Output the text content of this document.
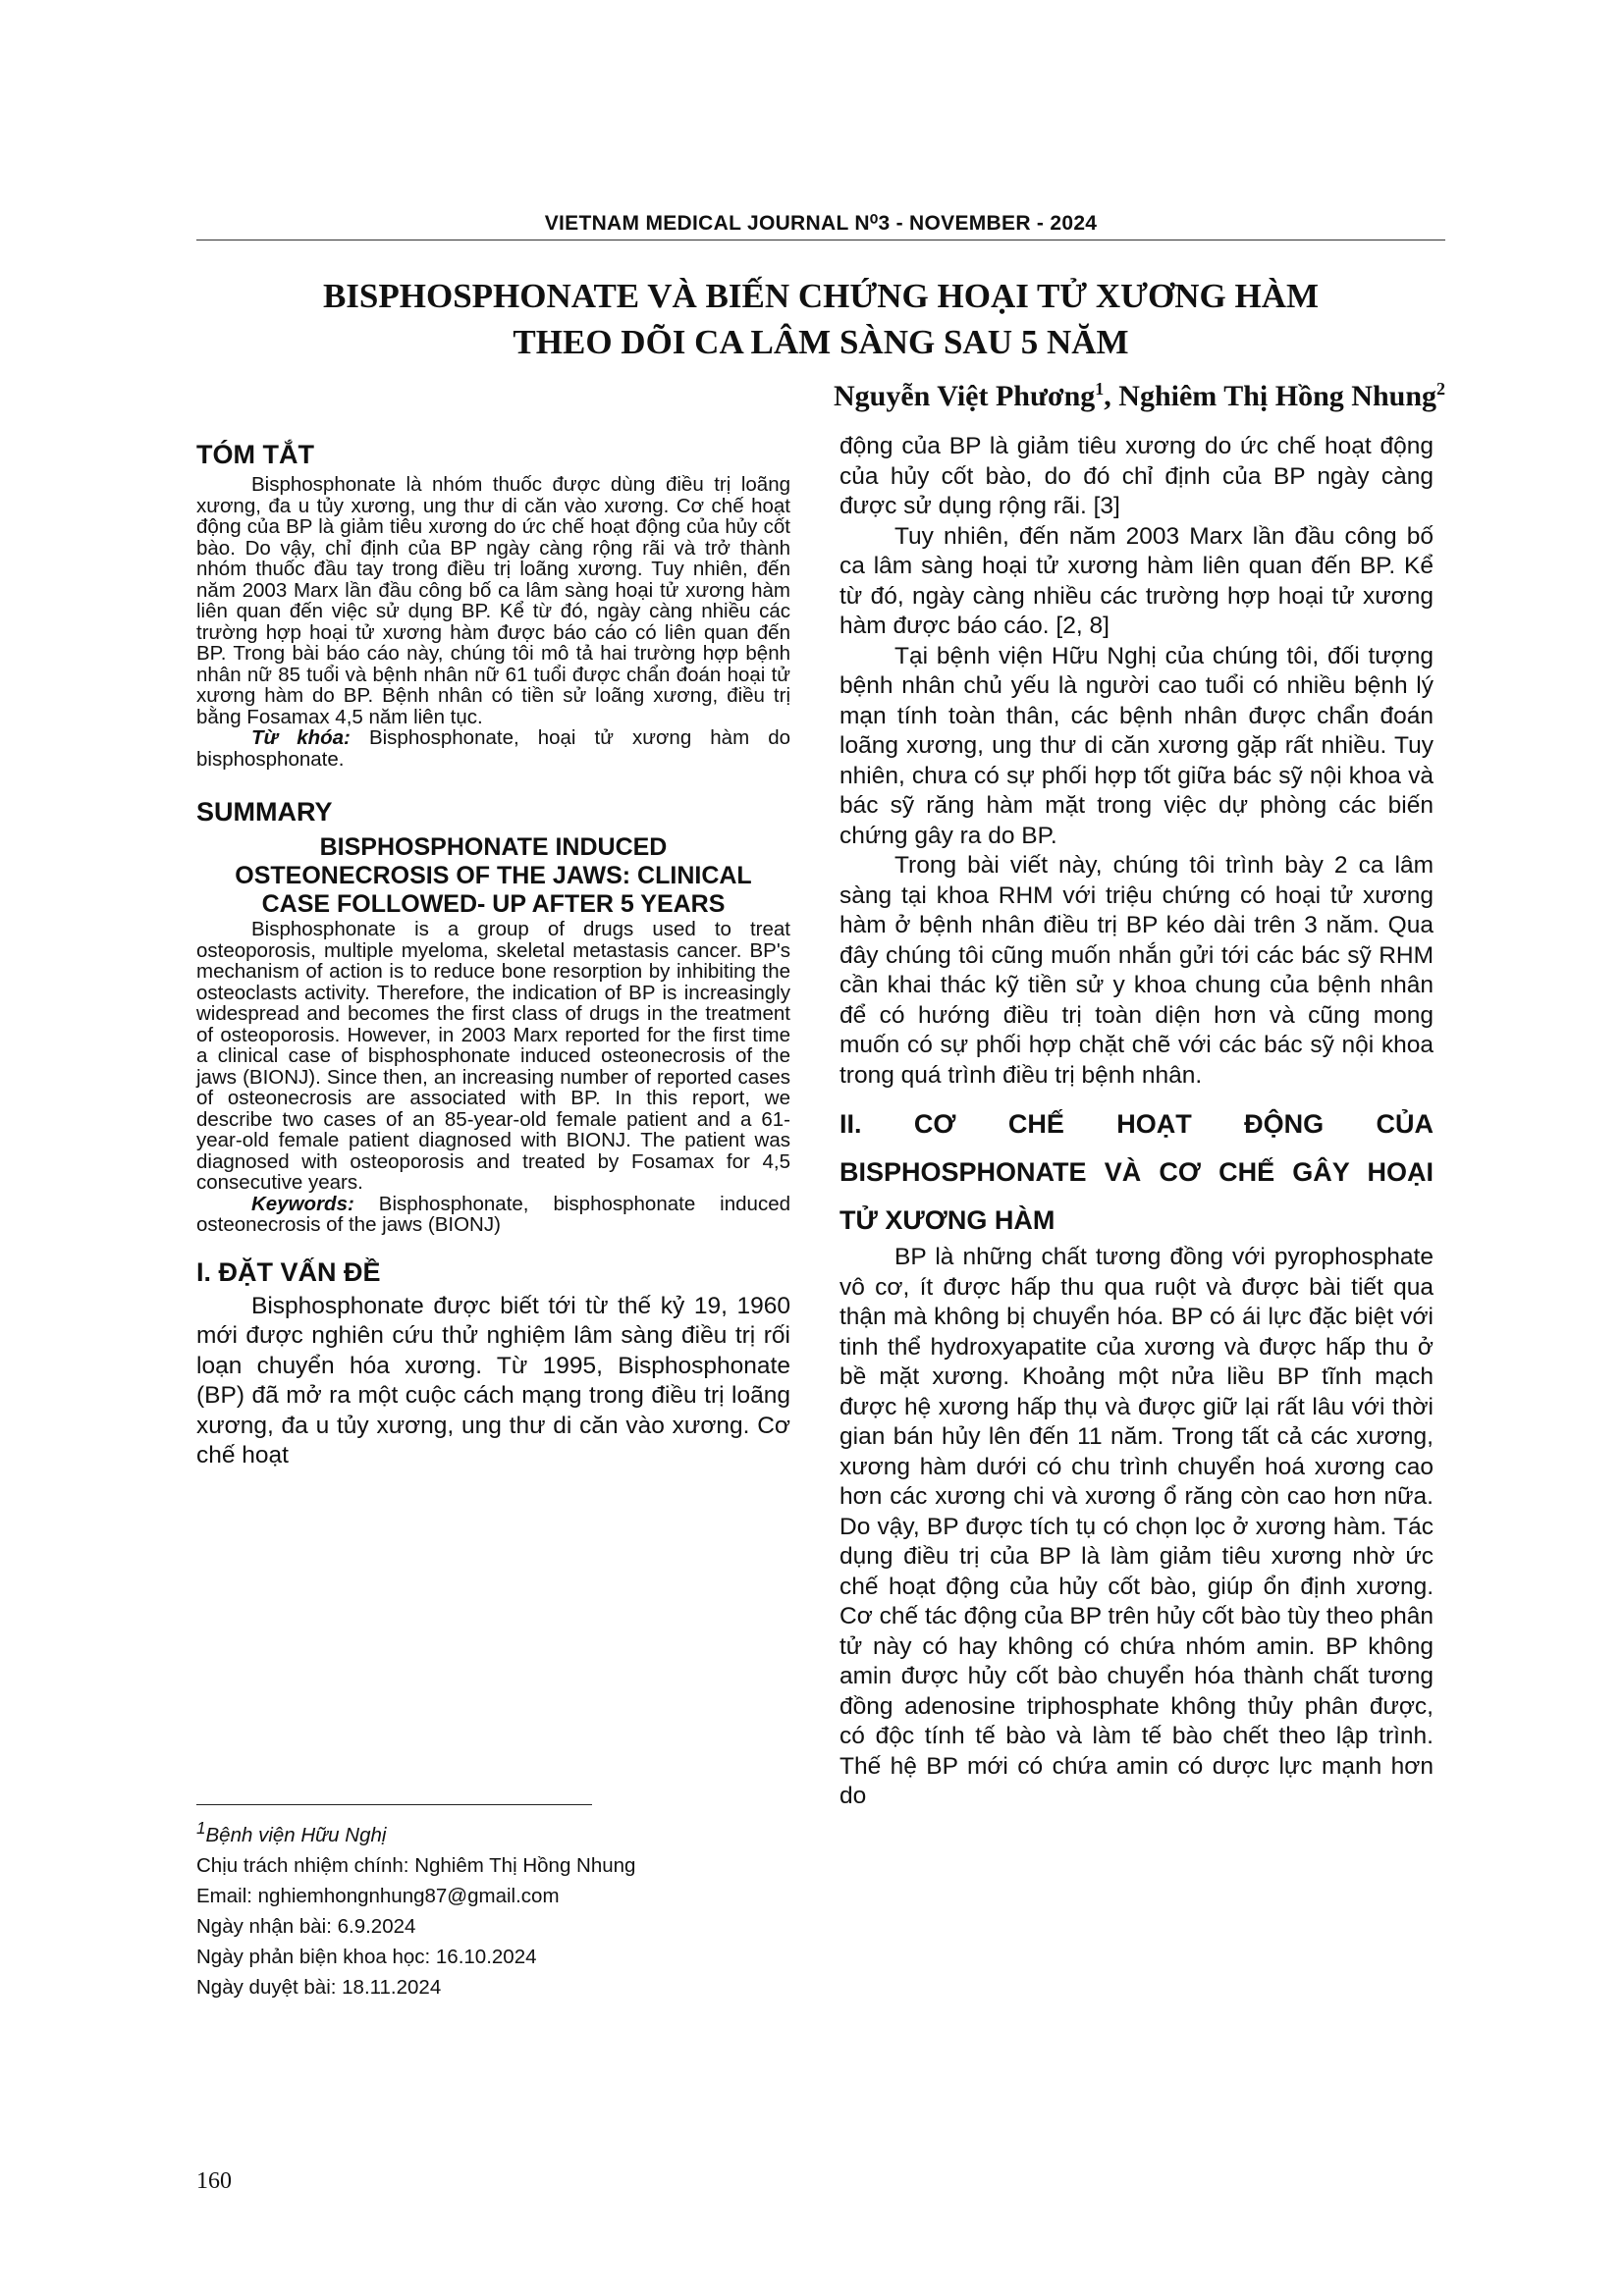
VIETNAM MEDICAL JOURNAL N⁰3 - NOVEMBER - 2024
BISPHOSPHONATE VÀ BIẾN CHỨNG HOẠI TỬ XƯƠNG HÀM
THEO DÕI CA LÂM SÀNG SAU 5 NĂM
Nguyễn Việt Phương$^1$, Nghiêm Thị Hồng Nhung$^2$
TÓM TẮT

Bisphosphonate là nhóm thuốc được dùng điều trị loãng xương, đa u tủy xương, ung thư di căn vào xương. Cơ chế hoạt động của BP là giảm tiêu xương do ức chế hoạt động của hủy cốt bào. Do vậy, chỉ định của BP ngày càng rộng rãi và trở thành nhóm thuốc đầu tay trong điều trị loãng xương. Tuy nhiên, đến năm 2003 Marx lần đầu công bố ca lâm sàng hoại tử xương hàm liên quan đến việc sử dụng BP. Kể từ đó, ngày càng nhiều các trường hợp hoại tử xương hàm được báo cáo có liên quan đến BP. Trong bài báo cáo này, chúng tôi mô tả hai trường hợp bệnh nhân nữ 85 tuổi và bệnh nhân nữ 61 tuổi được chẩn đoán hoại tử xương hàm do BP. Bệnh nhân có tiền sử loãng xương, điều trị bằng Fosamax 4,5 năm liên tục.

Từ khóa: Bisphosphonate, hoại tử xương hàm do bisphosphonate.

SUMMARY
BISPHOSPHONATE INDUCED
OSTEONECROSIS OF THE JAWS: CLINICAL
CASE FOLLOWED- UP AFTER 5 YEARS

Bisphosphonate is a group of drugs used to treat osteoporosis, multiple myeloma, skeletal metastasis cancer. BP's mechanism of action is to reduce bone resorption by inhibiting the osteoclasts activity. Therefore, the indication of BP is increasingly widespread and becomes the first class of drugs in the treatment of osteoporosis. However, in 2003 Marx reported for the first time a clinical case of bisphosphonate induced osteonecrosis of the jaws (BIONJ). Since then, an increasing number of reported cases of osteonecrosis are associated with BP. In this report, we describe two cases of an 85-year-old female patient and a 61-year-old female patient diagnosed with BIONJ. The patient was diagnosed with osteoporosis and treated by Fosamax for 4,5 consecutive years.

Keywords: Bisphosphonate, bisphosphonate induced osteonecrosis of the jaws (BIONJ)

I. ĐẶT VẤN ĐỀ

Bisphosphonate được biết tới từ thế kỷ 19, 1960 mới được nghiên cứu thử nghiệm lâm sàng điều trị rối loạn chuyển hóa xương. Từ 1995, Bisphosphonate (BP) đã mở ra một cuộc cách mạng trong điều trị loãng xương, đa u tủy xương, ung thư di căn vào xương. Cơ chế hoạt

$^1$Bệnh viện Hữu Nghị

Chịu trách nhiệm chính: Nghiêm Thị Hồng Nhung

Email: nghiemhongnhung87@gmail.com

Ngày nhận bài: 6.9.2024

Ngày phản biện khoa học: 16.10.2024

Ngày duyệt bài: 18.11.2024

động của BP là giảm tiêu xương do ức chế hoạt động của hủy cốt bào, do đó chỉ định của BP ngày càng được sử dụng rộng rãi. [3]

Tuy nhiên, đến năm 2003 Marx lần đầu công bố ca lâm sàng hoại tử xương hàm liên quan đến BP. Kể từ đó, ngày càng nhiều các trường hợp hoại tử xương hàm được báo cáo. [2, 8]

Tại bệnh viện Hữu Nghị của chúng tôi, đối tượng bệnh nhân chủ yếu là người cao tuổi có nhiều bệnh lý mạn tính toàn thân, các bệnh nhân được chẩn đoán loãng xương, ung thư di căn xương gặp rất nhiều. Tuy nhiên, chưa có sự phối hợp tốt giữa bác sỹ nội khoa và bác sỹ răng hàm mặt trong việc dự phòng các biến chứng gây ra do BP.

Trong bài viết này, chúng tôi trình bày 2 ca lâm sàng tại khoa RHM với triệu chứng có hoại tử xương hàm ở bệnh nhân điều trị BP kéo dài trên 3 năm. Qua đây chúng tôi cũng muốn nhắn gửi tới các bác sỹ RHM cần khai thác kỹ tiền sử y khoa chung của bệnh nhân để có hướng điều trị toàn diện hơn và cũng mong muốn có sự phối hợp chặt chẽ với các bác sỹ nội khoa trong quá trình điều trị bệnh nhân.

II. CƠ CHẾ HOẠT ĐỘNG CỦA
BISPHOSPHONATE VÀ CƠ CHẾ GÂY HOẠI
TỬ XƯƠNG HÀM

BP là những chất tương đồng với pyrophosphate vô cơ, ít được hấp thu qua ruột và được bài tiết qua thận mà không bị chuyển hóa. BP có ái lực đặc biệt với tinh thể hydroxyapatite của xương và được hấp thu ở bề mặt xương. Khoảng một nửa liều BP tĩnh mạch được hệ xương hấp thụ và được giữ lại rất lâu với thời gian bán hủy lên đến 11 năm. Trong tất cả các xương, xương hàm dưới có chu trình chuyển hoá xương cao hơn các xương chi và xương ổ răng còn cao hơn nữa. Do vậy, BP được tích tụ có chọn lọc ở xương hàm. Tác dụng điều trị của BP là làm giảm tiêu xương nhờ ức chế hoạt động của hủy cốt bào, giúp ổn định xương. Cơ chế tác động của BP trên hủy cốt bào tùy theo phân tử này có hay không có chứa nhóm amin. BP không amin được hủy cốt bào chuyển hóa thành chất tương đồng adenosine triphosphate không thủy phân được, có độc tính tế bào và làm tế bào chết theo lập trình. Thế hệ BP mới có chứa amin có dược lực mạnh hơn do

160
